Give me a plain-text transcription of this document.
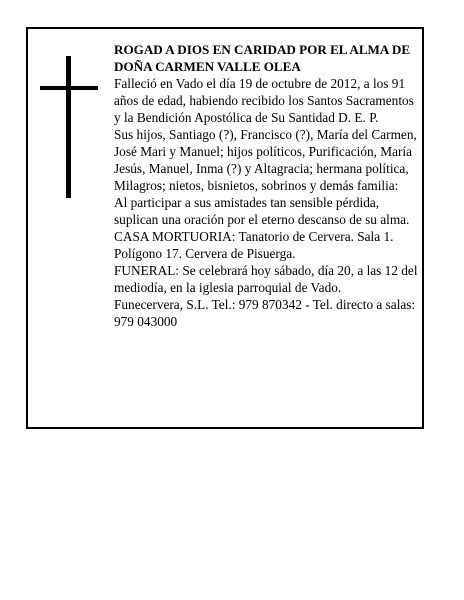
ROGAD A DIOS EN CARIDAD POR EL ALMA DE

DOÑA CARMEN VALLE OLEA

Falleció en Vado el día 19 de octubre de 2012, a los 91 años de edad, habiendo recibido los Santos Sacramentos y la Bendición Apostólica de Su Santidad D. E. P.

Sus hijos, Santiago (?), Francisco (?), María del Carmen, José Mari y Manuel; hijos políticos, Purificación, María Jesús, Manuel, Inma (?) y Altagracia; hermana política, Milagros; nietos, bisnietos, sobrinos y demás familia:

Al participar a sus amistades tan sensible pérdida, suplican una oración por el eterno descanso de su alma.

CASA MORTUORIA: Tanatorio de Cervera. Sala 1. Polígono 17. Cervera de Pisuerga.

FUNERAL: Se celebrará hoy sábado, día 20, a las 12 del mediodía, en la iglesia parroquial de Vado.

Funecervera, S.L. Tel.: 979 870342 - Tel. directo a salas: 979 043000
